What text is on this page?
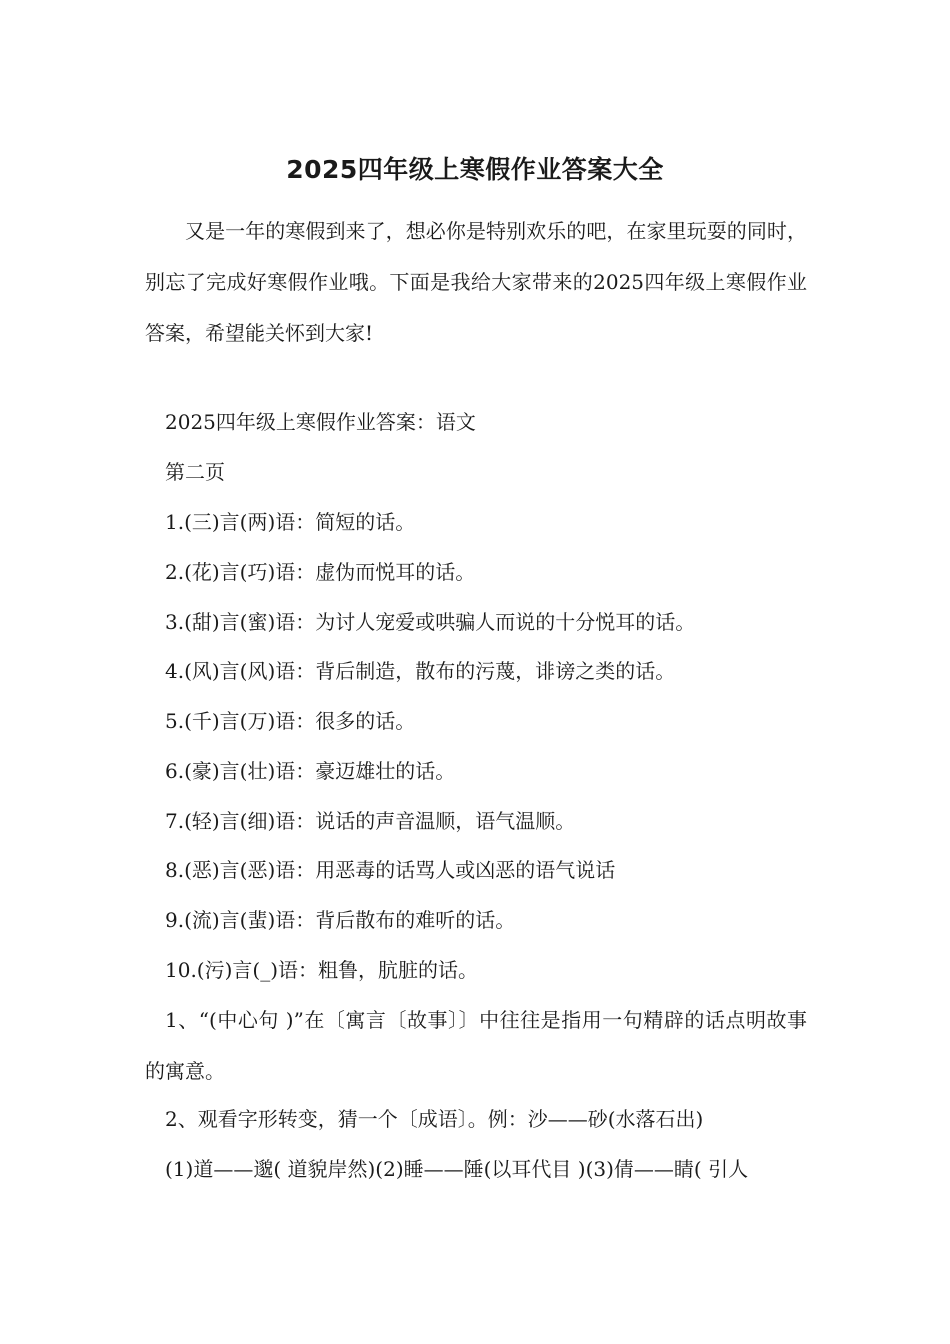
2025四年级上寒假作业答案大全

又是一年的寒假到来了，想必你是特别欢乐的吧，在家里玩耍的同时，别忘了完成好寒假作业哦。下面是我给大家带来的2025四年级上寒假作业答案，希望能关怀到大家!

2025四年级上寒假作业答案：语文

第二页

1.(三)言(两)语：简短的话。

2.(花)言(巧)语：虚伪而悦耳的话。

3.(甜)言(蜜)语：为讨人宠爱或哄骗人而说的十分悦耳的话。

4.(风)言(风)语：背后制造，散布的污蔑，诽谤之类的话。

5.(千)言(万)语：很多的话。

6.(豪)言(壮)语：豪迈雄壮的话。

7.(轻)言(细)语：说话的声音温顺，语气温顺。

8.(恶)言(恶)语：用恶毒的话骂人或凶恶的语气说话

9.(流)言(蜚)语：背后散布的难听的话。

10.(污)言(_)语：粗鲁，肮脏的话。

1、“(中心句 )”在〔寓言〔故事〕〕中往往是指用一句精辟的话点明故事的寓意。

2、观看字形转变，猜一个〔成语〕。例：沙——砂(水落石出)

(1)道——邈( 道貌岸然)(2)睡——陲(以耳代目 )(3)倩——睛( 引人
